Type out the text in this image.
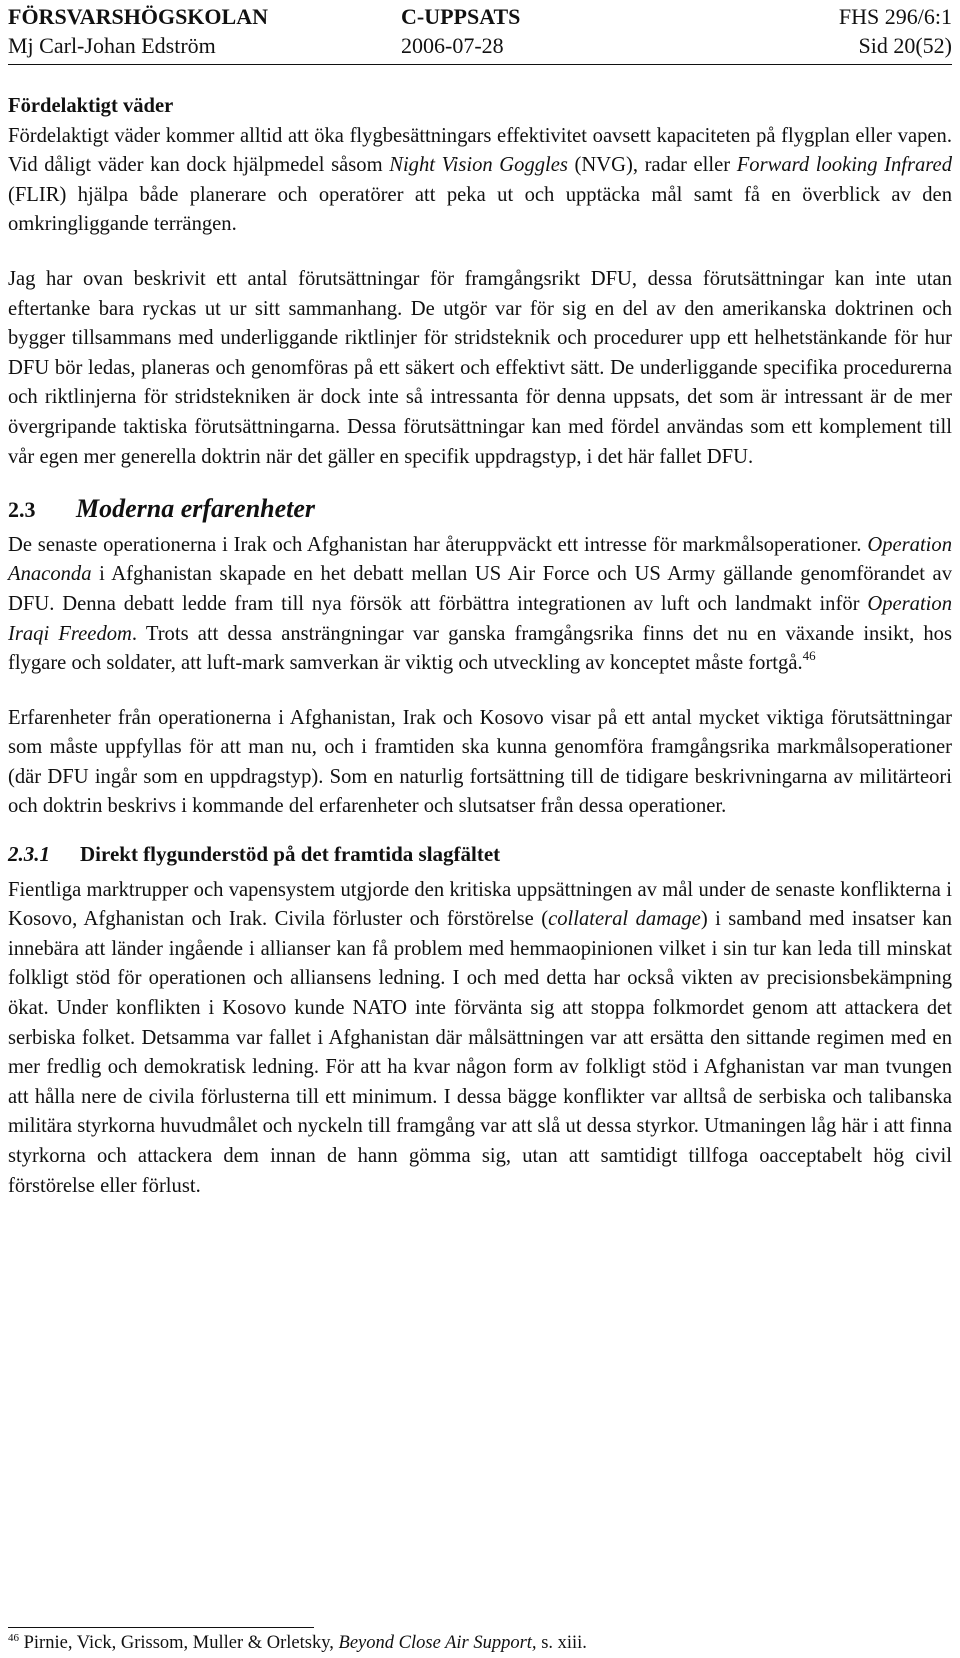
FÖRSVARSHÖGSKOLAN	C-UPPSATS	FHS 296/6:1
Mj Carl-Johan Edström	2006-07-28	Sid 20(52)

Fördelaktigt väder

Fördelaktigt väder kommer alltid att öka flygbesättningars effektivitet oavsett kapaciteten på flygplan eller vapen. Vid dåligt väder kan dock hjälpmedel såsom Night Vision Goggles (NVG), radar eller Forward looking Infrared (FLIR) hjälpa både planerare och operatörer att peka ut och upptäcka mål samt få en överblick av den omkringliggande terrängen.

Jag har ovan beskrivit ett antal förutsättningar för framgångsrikt DFU, dessa förutsättningar kan inte utan eftertanke bara ryckas ut ur sitt sammanhang. De utgör var för sig en del av den amerikanska doktrinen och bygger tillsammans med underliggande riktlinjer för stridsteknik och procedurer upp ett helhetstänkande för hur DFU bör ledas, planeras och genomföras på ett säkert och effektivt sätt. De underliggande specifika procedurerna och riktlinjerna för stridstekniken är dock inte så intressanta för denna uppsats, det som är intressant är de mer övergripande taktiska förutsättningarna. Dessa förutsättningar kan med fördel användas som ett komplement till vår egen mer generella doktrin när det gäller en specifik uppdragstyp, i det här fallet DFU.

2.3	Moderna erfarenheter

De senaste operationerna i Irak och Afghanistan har återuppväckt ett intresse för markmålsoperationer. Operation Anaconda i Afghanistan skapade en het debatt mellan US Air Force och US Army gällande genomförandet av DFU. Denna debatt ledde fram till nya försök att förbättra integrationen av luft och landmakt inför Operation Iraqi Freedom. Trots att dessa ansträngningar var ganska framgångsrika finns det nu en växande insikt, hos flygare och soldater, att luft-mark samverkan är viktig och utveckling av konceptet måste fortgå.$^{46}$

Erfarenheter från operationerna i Afghanistan, Irak och Kosovo visar på ett antal mycket viktiga förutsättningar som måste uppfyllas för att man nu, och i framtiden ska kunna genomföra framgångsrika markmålsoperationer (där DFU ingår som en uppdragstyp). Som en naturlig fortsättning till de tidigare beskrivningarna av militärteori och doktrin beskrivs i kommande del erfarenheter och slutsatser från dessa operationer.

2.3.1	Direkt flygunderstöd på det framtida slagfältet

Fientliga marktrupper och vapensystem utgjorde den kritiska uppsättningen av mål under de senaste konflikterna i Kosovo, Afghanistan och Irak. Civila förluster och förstörelse (collateral damage) i samband med insatser kan innebära att länder ingående i allianser kan få problem med hemmaopinionen vilket i sin tur kan leda till minskat folkligt stöd för operationen och alliansens ledning. I och med detta har också vikten av precisionsbekämpning ökat. Under konflikten i Kosovo kunde NATO inte förvänta sig att stoppa folkmordet genom att attackera det serbiska folket. Detsamma var fallet i Afghanistan där målsättningen var att ersätta den sittande regimen med en mer fredlig och demokratisk ledning. För att ha kvar någon form av folkligt stöd i Afghanistan var man tvungen att hålla nere de civila förlusterna till ett minimum. I dessa bägge konflikter var alltså de serbiska och talibanska militära styrkorna huvudmålet och nyckeln till framgång var att slå ut dessa styrkor. Utmaningen låg här i att finna styrkorna och attackera dem innan de hann gömma sig, utan att samtidigt tillfoga oacceptabelt hög civil förstörelse eller förlust.

$^{46}$ Pirnie, Vick, Grissom, Muller & Orletsky, Beyond Close Air Support, s. xiii.
